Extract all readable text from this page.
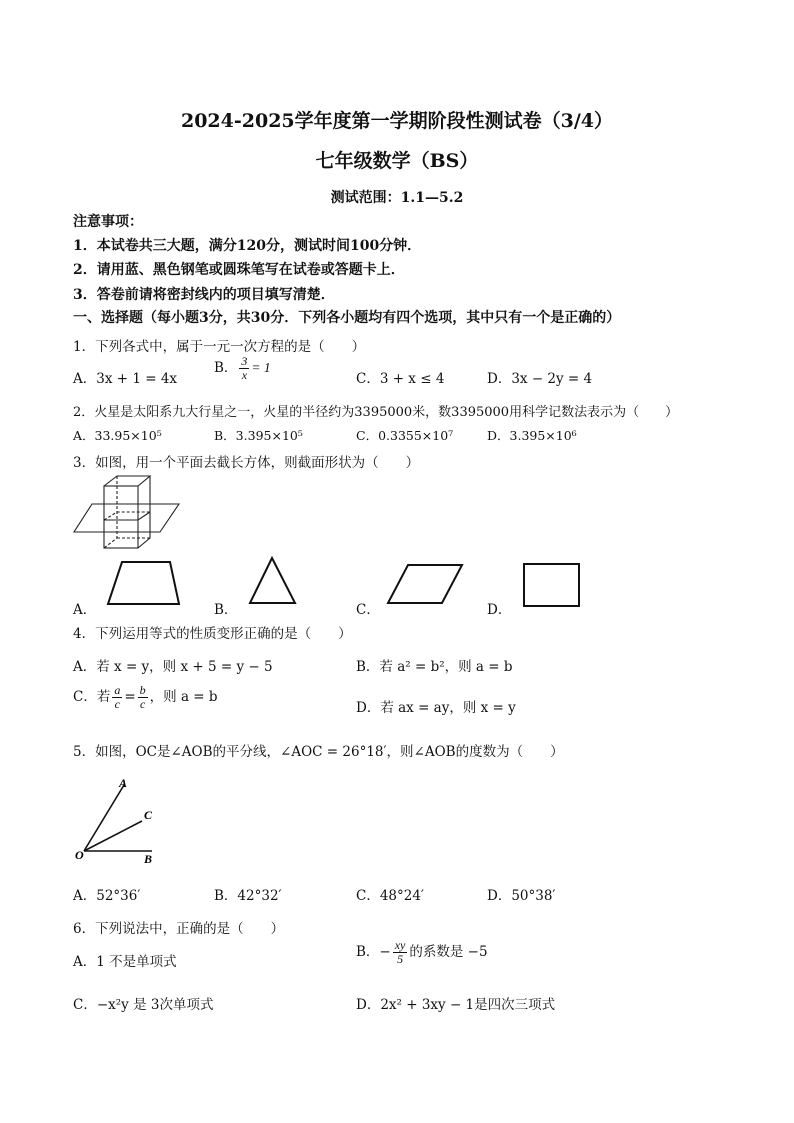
2024-2025学年度第一学期阶段性测试卷（3/4）
七年级数学（BS）
测试范围：1.1—5.2
注意事项：
1．本试卷共三大题，满分120分，测试时间100分钟．
2．请用蓝、黑色钢笔或圆珠笔写在试卷或答题卡上．
3．答卷前请将密封线内的项目填写清楚．
一、选择题（每小题3分，共30分．下列各小题均有四个选项，其中只有一个是正确的）
1．下列各式中，属于一元一次方程的是（　　）
A．3x + 1 = 4x
B． $\frac{3}{x} = 1$
C．3 + x ≤ 4	D．3x − 2y = 4
2．火星是太阳系九大行星之一，火星的半径约为3395000米，数3395000用科学记数法表示为（　　）
A．33.95×10⁵	B．3.395×10⁵	C．0.3355×10⁷	D．3.395×10⁶
3．如图，用一个平面去截长方体，则截面形状为（　　）
A．	B．	C．	D．
4．下列运用等式的性质变形正确的是（　　）
A．若 x = y，则 x + 5 = y − 5	B．若 a² = b²，则 a = b
C．若 $\frac{a}{c} = \frac{b}{c}$ ，则 a = b
D．若 ax = ay，则 x = y
5．如图，OC是∠AOB的平分线，∠AOC = 26°18′，则∠AOB的度数为（　　）
A
C
O	B
A．52°36′	B．42°32′	C．48°24′	D．50°38′
6．下列说法中，正确的是（　　）
A．1 不是单项式
B．− $\frac{xy}{5}$ 的系数是 −5
C．−x²y 是 3次单项式	D．2x² + 3xy − 1是四次三项式
